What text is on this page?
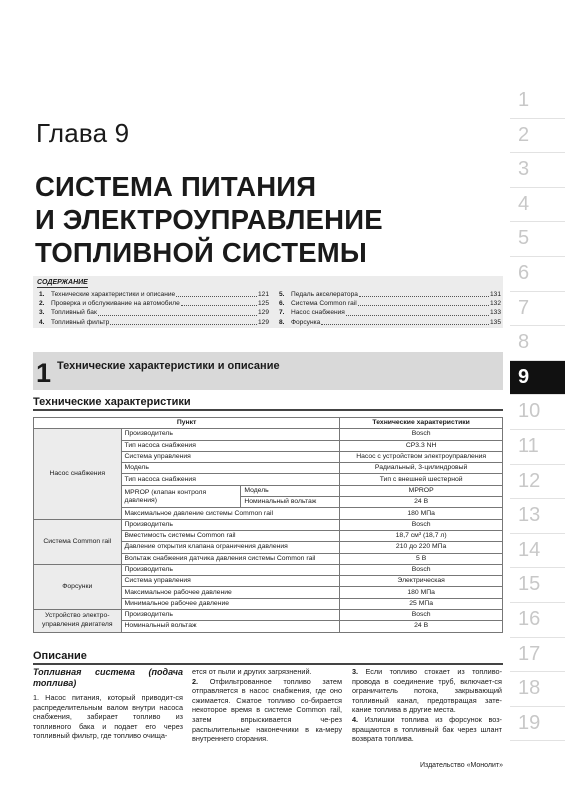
Глава 9
СИСТЕМА ПИТАНИЯ
И ЭЛЕКТРОУПРАВЛЕНИЕ
ТОПЛИВНОЙ СИСТЕМЫ
СОДЕРЖАНИЕ
1. Технические характеристики и описание	121
2. Проверка и обслуживание на автомобиле	125
3. Топливный бак	129
4. Топливный фильтр	129
5. Педаль акселератора	131
6. Система Common rail	132
7. Насос снабжения	133
8. Форсунка	135
1 Технические характеристики и описание
Технические характеристики
Пункт			Технические характеристики
Насос снабжения	Производитель		Bosch
	Тип насоса снабжения		CP3.3 NH
	Система управления		Насос с устройством электроуправления
	Модель		Радиальный, 3-цилиндровый
	Тип насоса снабжения		Тип с внешней шестерной
	MPROP (клапан контроля давления)	Модель	MPROP
		Номинальный вольтаж	24 В
	Максимальное давление системы Common rail		180 МПа
Система Common rail	Производитель		Bosch
	Вместимость системы Common rail		18,7 см³ (18,7 л)
	Давление открытия клапана ограничения давления		210 до 220 МПа
	Вольтаж снабжения датчика давления системы Common rail		5 В
Форсунки	Производитель		Bosch
	Система управления		Электрическая
	Максимальное рабочее давление		180 МПа
	Минимальное рабочее давление		25 МПа
Устройство электро-управления двигателя	Производитель		Bosch
	Номинальный вольтаж		24 В
Описание
Топливная система (подача топлива)

1. Насос питания, который приводит-ся распределительным валом внутри насоса снабжения, забирает топливо из топливного бака и подает его через топливный фильтр, где топливо очища-

ется от пыли и других загрязнений.

2. Отфильтрованное топливо затем отправляется в насос снабжения, где оно сжимается. Сжатое топливо со-бирается некоторое время в системе Common rail, затем впрыскивается че-рез распылительные наконечники в ка-меру внутреннего сгорания.

3. Если топливо стокает из топливо-провода в соединение труб, включает-ся ограничитель потока, закрывающий топливный канал, предотвращая зате-кание топлива в другие места.

4. Излишки топлива из форсунок воз-вращаются в топливный бак через шлант возврата топлива.

Издательство «Монолит»
1
2
3
4
5
6
7
8
9
10
11
12
13
14
15
16
17
18
19
